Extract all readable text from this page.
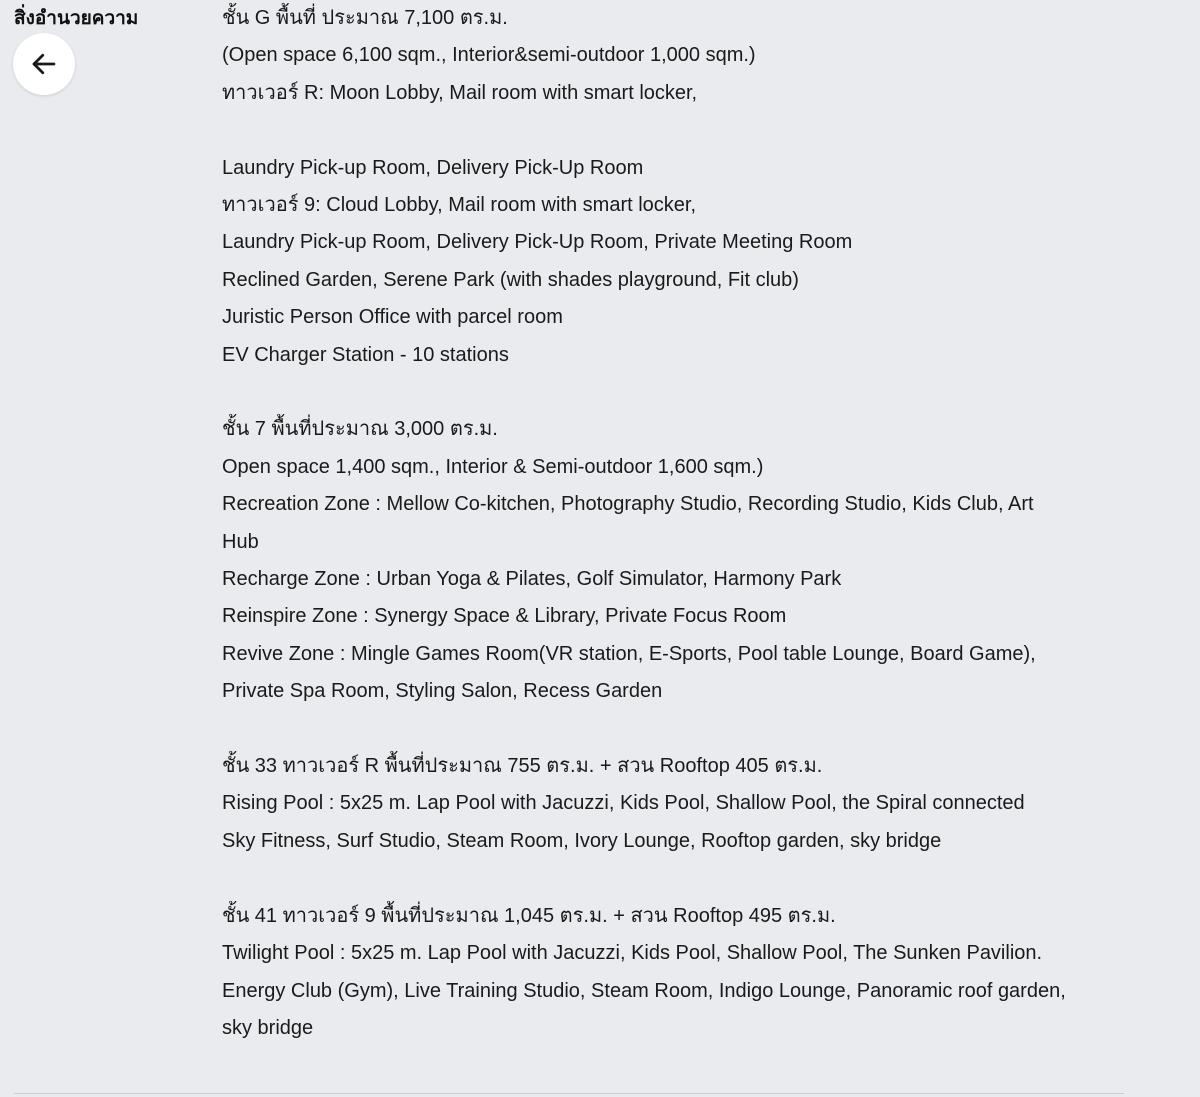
สิ่งอำนวยความ	ชั้น G พื้นที่ ประมาณ 7,100 ตร.ม.
(Open space 6,100 sqm., Interior&semi-outdoor 1,000 sqm.)
ทาวเวอร์ R: Moon Lobby, Mail room with smart locker,
Laundry Pick-up Room, Delivery Pick-Up Room
ทาวเวอร์ 9: Cloud Lobby, Mail room with smart locker,
Laundry Pick-up Room, Delivery Pick-Up Room, Private Meeting Room
Reclined Garden, Serene Park (with shades playground, Fit club)
Juristic Person Office with parcel room
EV Charger Station - 10 stations
ชั้น 7 พื้นที่ประมาณ 3,000 ตร.ม.
Open space 1,400 sqm., Interior & Semi-outdoor 1,600 sqm.)
Recreation Zone : Mellow Co-kitchen, Photography Studio, Recording Studio, Kids Club, Art
Hub
Recharge Zone : Urban Yoga & Pilates, Golf Simulator, Harmony Park
Reinspire Zone : Synergy Space & Library, Private Focus Room
Revive Zone : Mingle Games Room(VR station, E-Sports, Pool table Lounge, Board Game),
Private Spa Room, Styling Salon, Recess Garden
ชั้น 33 ทาวเวอร์ R พื้นที่ประมาณ 755 ตร.ม. + สวน Rooftop 405 ตร.ม.
Rising Pool : 5x25 m. Lap Pool with Jacuzzi, Kids Pool, Shallow Pool, the Spiral connected
Sky Fitness, Surf Studio, Steam Room, Ivory Lounge, Rooftop garden, sky bridge
ชั้น 41 ทาวเวอร์ 9 พื้นที่ประมาณ 1,045 ตร.ม. + สวน Rooftop 495 ตร.ม.
Twilight Pool : 5x25 m. Lap Pool with Jacuzzi, Kids Pool, Shallow Pool, The Sunken Pavilion.
Energy Club (Gym), Live Training Studio, Steam Room, Indigo Lounge, Panoramic roof garden,
sky bridge
